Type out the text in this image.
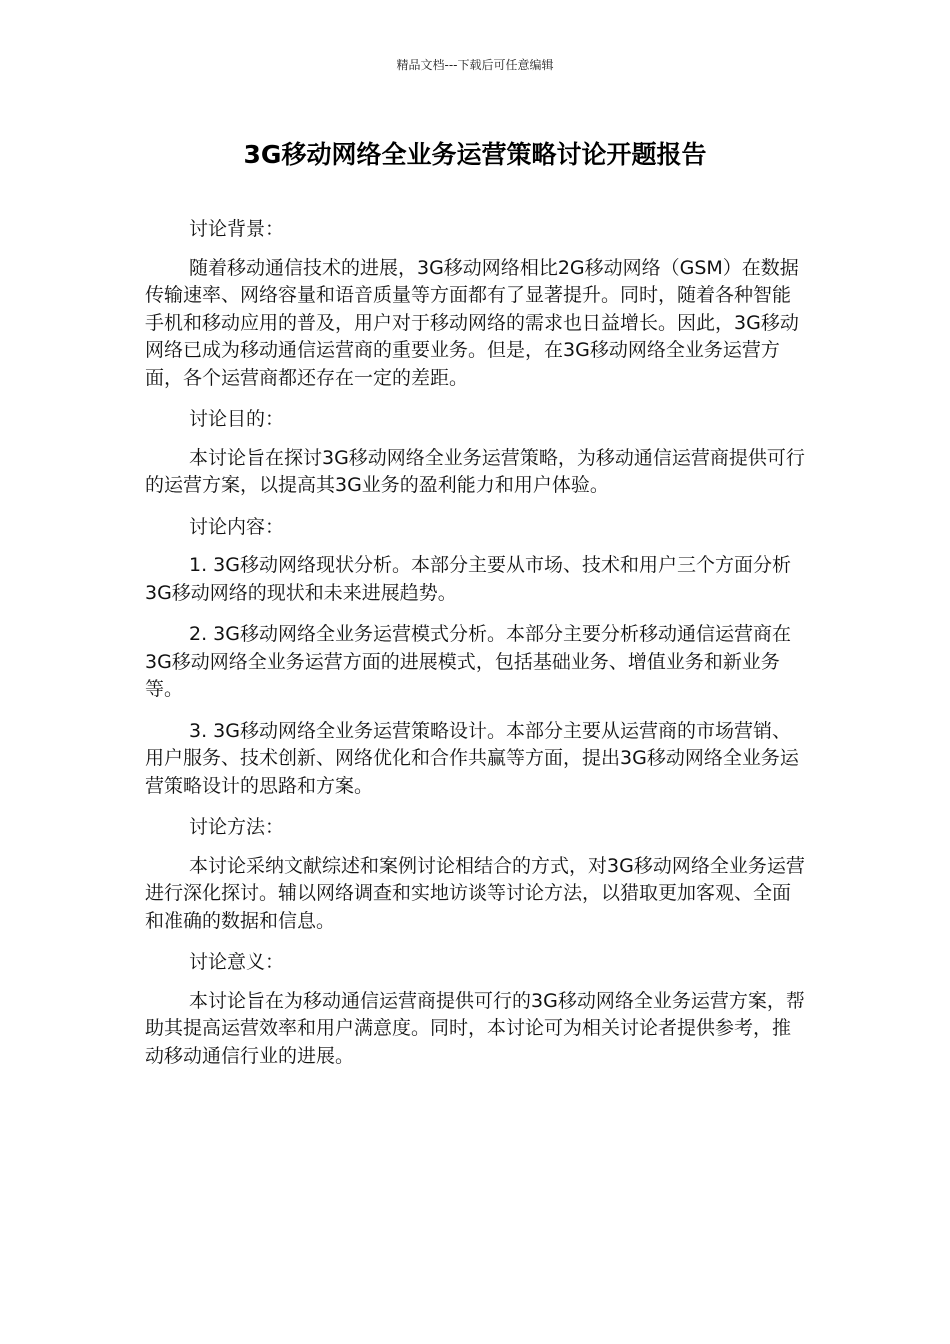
精品文档---下载后可任意编辑
3G移动网络全业务运营策略讨论开题报告

讨论背景：

随着移动通信技术的进展，3G移动网络相比2G移动网络（GSM）在数据传输速率、网络容量和语音质量等方面都有了显著提升。同时，随着各种智能手机和移动应用的普及，用户对于移动网络的需求也日益增长。因此，3G移动网络已成为移动通信运营商的重要业务。但是，在3G移动网络全业务运营方面，各个运营商都还存在一定的差距。

讨论目的：

本讨论旨在探讨3G移动网络全业务运营策略，为移动通信运营商提供可行的运营方案，以提高其3G业务的盈利能力和用户体验。

讨论内容：

1. 3G移动网络现状分析。本部分主要从市场、技术和用户三个方面分析3G移动网络的现状和未来进展趋势。

2. 3G移动网络全业务运营模式分析。本部分主要分析移动通信运营商在3G移动网络全业务运营方面的进展模式，包括基础业务、增值业务和新业务等。

3. 3G移动网络全业务运营策略设计。本部分主要从运营商的市场营销、用户服务、技术创新、网络优化和合作共赢等方面，提出3G移动网络全业务运营策略设计的思路和方案。

讨论方法：

本讨论采纳文献综述和案例讨论相结合的方式，对3G移动网络全业务运营进行深化探讨。辅以网络调查和实地访谈等讨论方法，以猎取更加客观、全面和准确的数据和信息。

讨论意义：

本讨论旨在为移动通信运营商提供可行的3G移动网络全业务运营方案，帮助其提高运营效率和用户满意度。同时，本讨论可为相关讨论者提供参考，推动移动通信行业的进展。
